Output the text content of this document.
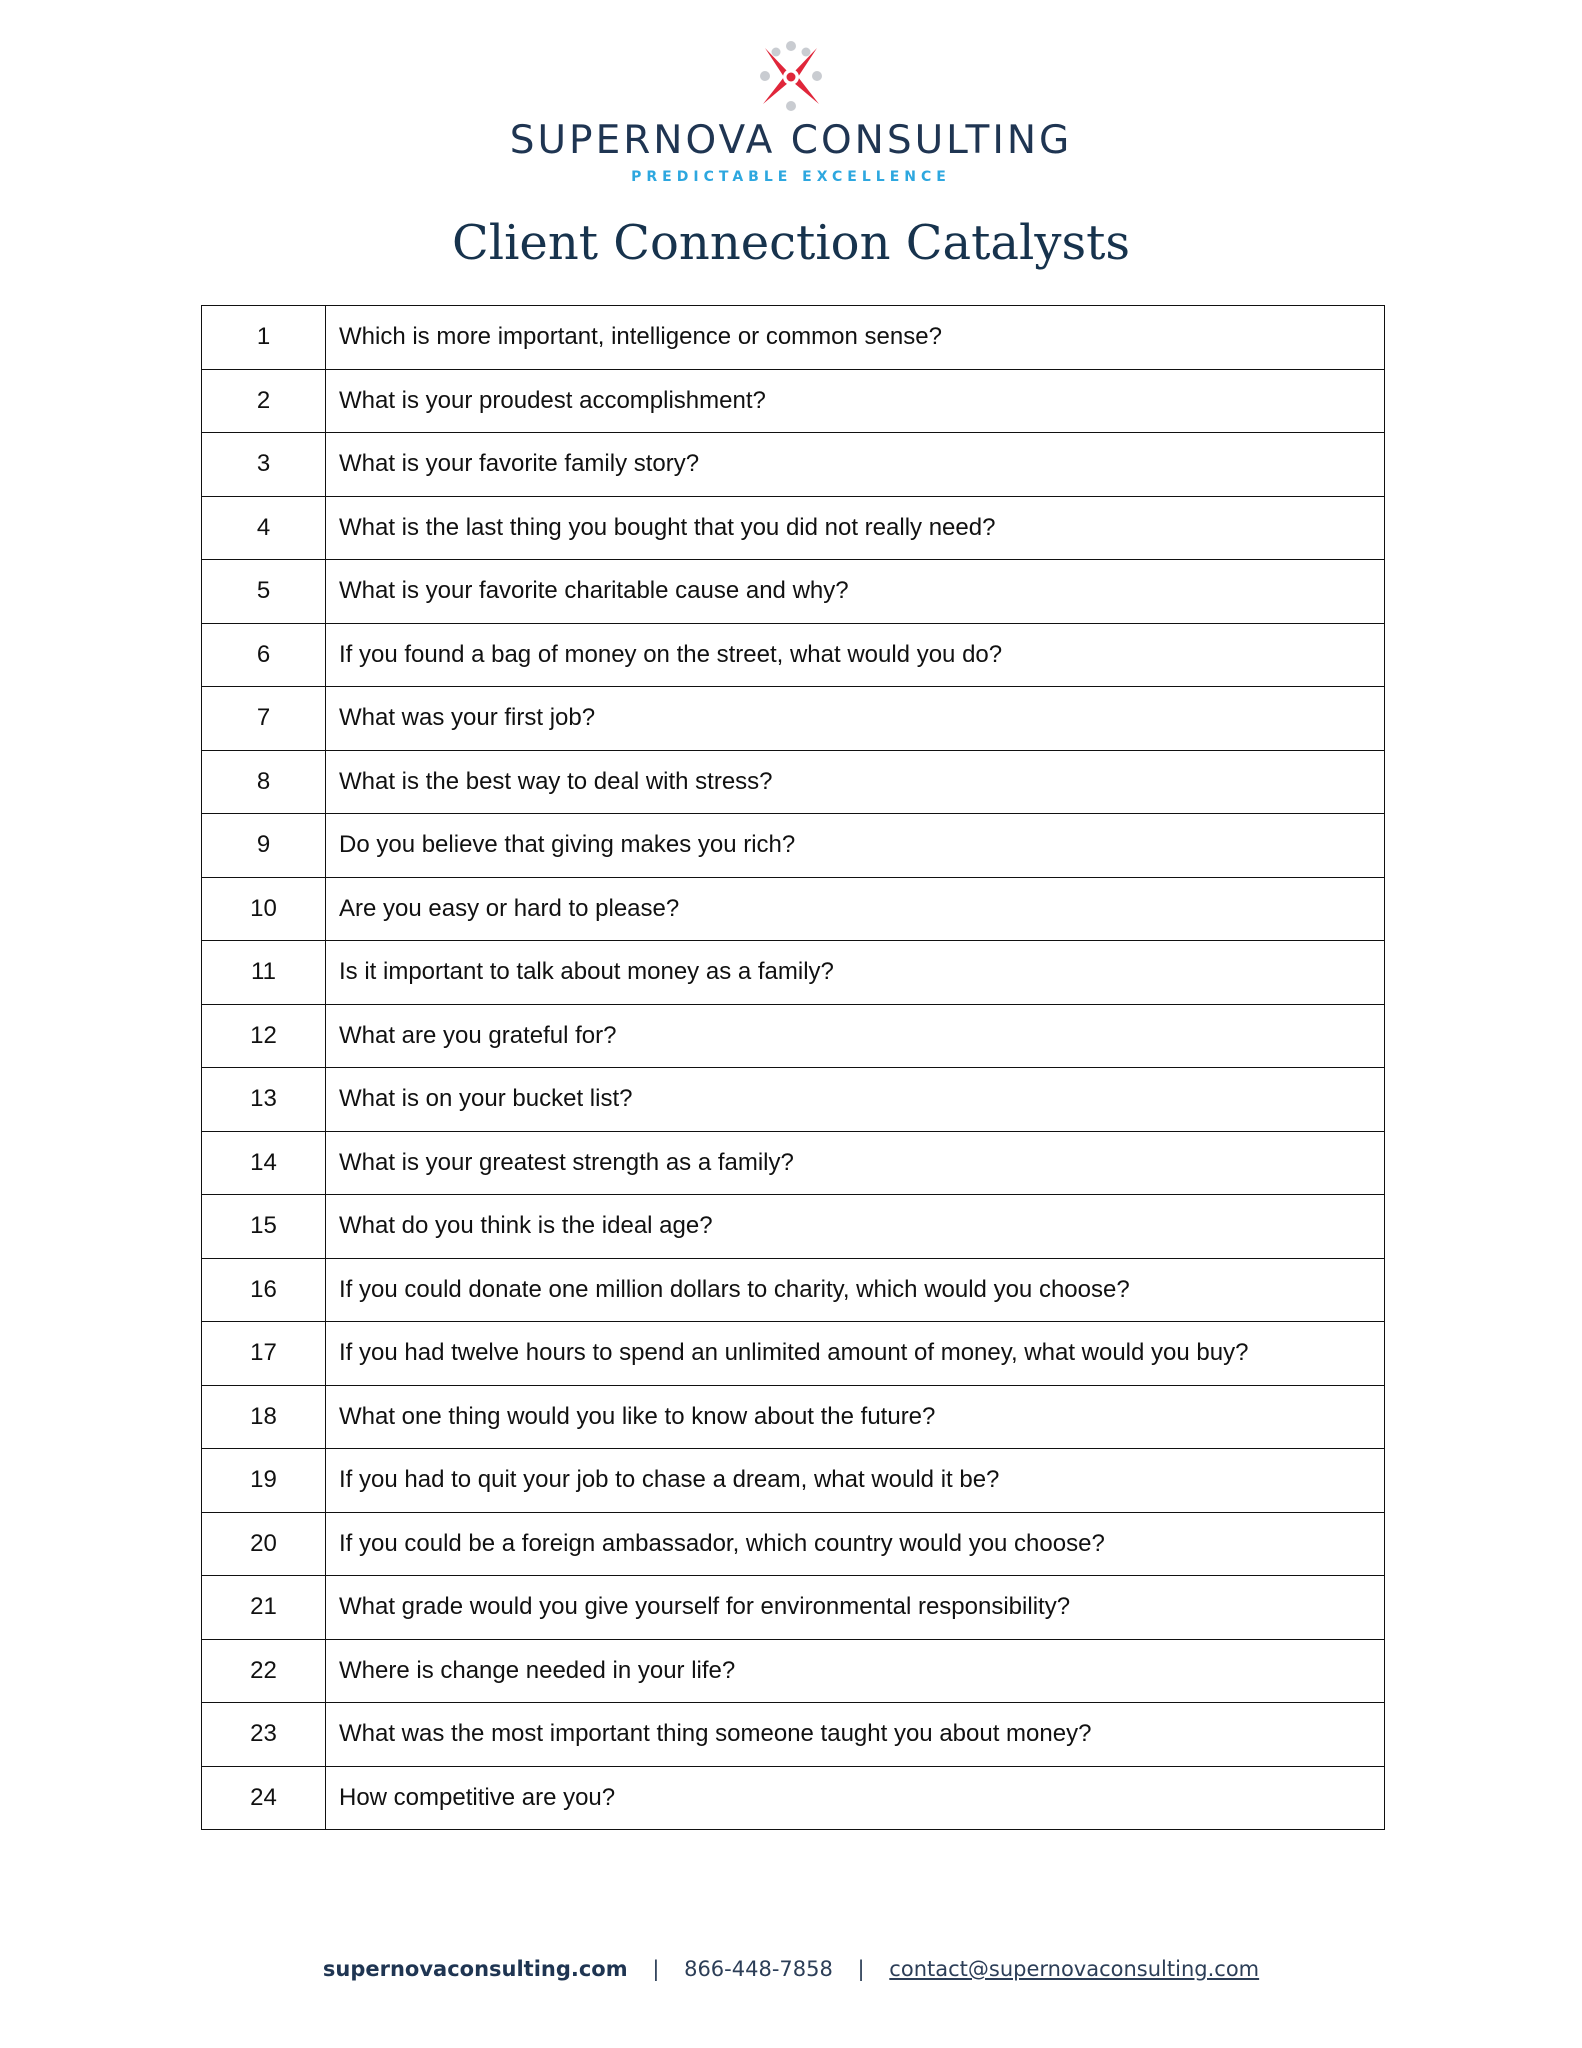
SUPERNOVA CONSULTING
PREDICTABLE EXCELLENCE
Client Connection Catalysts
1	Which is more important, intelligence or common sense?
2	What is your proudest accomplishment?
3	What is your favorite family story?
4	What is the last thing you bought that you did not really need?
5	What is your favorite charitable cause and why?
6	If you found a bag of money on the street, what would you do?
7	What was your first job?
8	What is the best way to deal with stress?
9	Do you believe that giving makes you rich?
10	Are you easy or hard to please?
11	Is it important to talk about money as a family?
12	What are you grateful for?
13	What is on your bucket list?
14	What is your greatest strength as a family?
15	What do you think is the ideal age?
16	If you could donate one million dollars to charity, which would you choose?
17	If you had twelve hours to spend an unlimited amount of money, what would you buy?
18	What one thing would you like to know about the future?
19	If you had to quit your job to chase a dream, what would it be?
20	If you could be a foreign ambassador, which country would you choose?
21	What grade would you give yourself for environmental responsibility?
22	Where is change needed in your life?
23	What was the most important thing someone taught you about money?
24	How competitive are you?
supernovaconsulting.com | 866-448-7858 | contact@supernovaconsulting.com
